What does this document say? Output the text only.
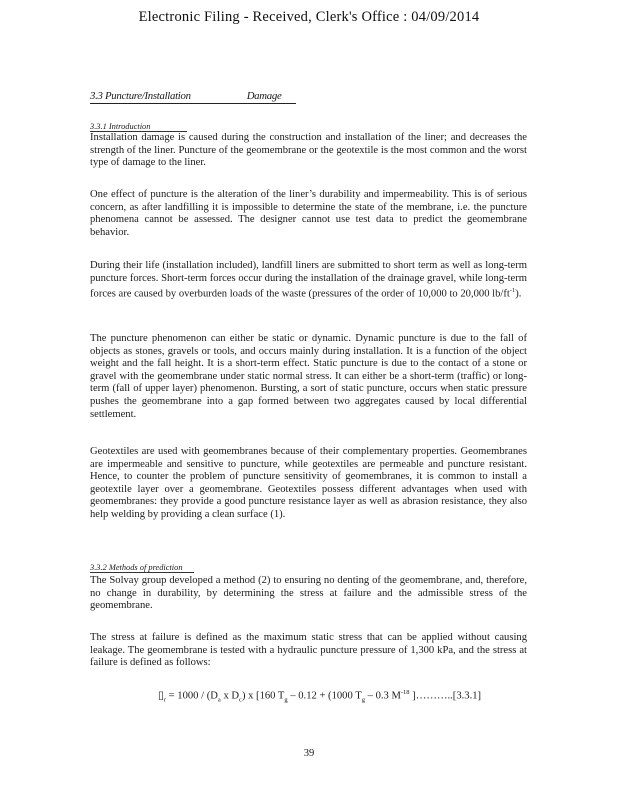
Electronic Filing - Received, Clerk's Office : 04/09/2014
3.3 Puncture/Installation	Damage
3.3.1 Introduction

Installation damage is caused during the construction and installation of the liner; and decreases the strength of the liner. Puncture of the geomembrane or the geotextile is the most common and the worst type of damage to the liner.

One effect of puncture is the alteration of the liner’s durability and impermeability. This is of serious concern, as after landfilling it is impossible to determine the state of the membrane, i.e. the puncture phenomena cannot be assessed. The designer cannot use test data to predict the geomembrane behavior.

During their life (installation included), landfill liners are submitted to short term as well as long-term puncture forces. Short-term forces occur during the installation of the drainage gravel, while long-term forces are caused by overburden loads of the waste (pressures of the order of 10,000 to 20,000 $lb/ft^{-1}$).

The puncture phenomenon can either be static or dynamic. Dynamic puncture is due to the fall of objects as stones, gravels or tools, and occurs mainly during installation. It is a function of the object weight and the fall height. It is a short-term effect. Static puncture is due to the contact of a stone or gravel with the geomembrane under static normal stress. It can either be a short-term (traffic) or long-term (fall of upper layer) phenomenon. Bursting, a sort of static puncture, occurs when static pressure pushes the geomembrane into a gap formed between two aggregates caused by local differential settlement.

Geotextiles are used with geomembranes because of their complementary properties. Geomembranes are impermeable and sensitive to puncture, while geotextiles are permeable and puncture resistant. Hence, to counter the problem of puncture sensitivity of geomembranes, it is common to install a geotextile layer over a geomembrane. Geotextiles possess different advantages when used with geomembranes: they provide a good puncture resistance layer as well as abrasion resistance, they also help welding by providing a clean surface (1).

3.3.2 Methods of prediction

The Solvay group developed a method (2) to ensuring no denting of the geomembrane, and, therefore, no change in durability, by determining the stress at failure and the admissible stress of the geomembrane.

The stress at failure is defined as the maximum static stress that can be applied without causing leakage. The geomembrane is tested with a hydraulic puncture pressure of 1,300 kPa, and the stress at failure is defined as follows:

$▯_r = 1000 / (D_a$ x $D_c$) x [160 $T_g - 0.12 + (1000$ $T_g - 0.3$ $M^{-18}$ ]………..[3.3.1]
39
